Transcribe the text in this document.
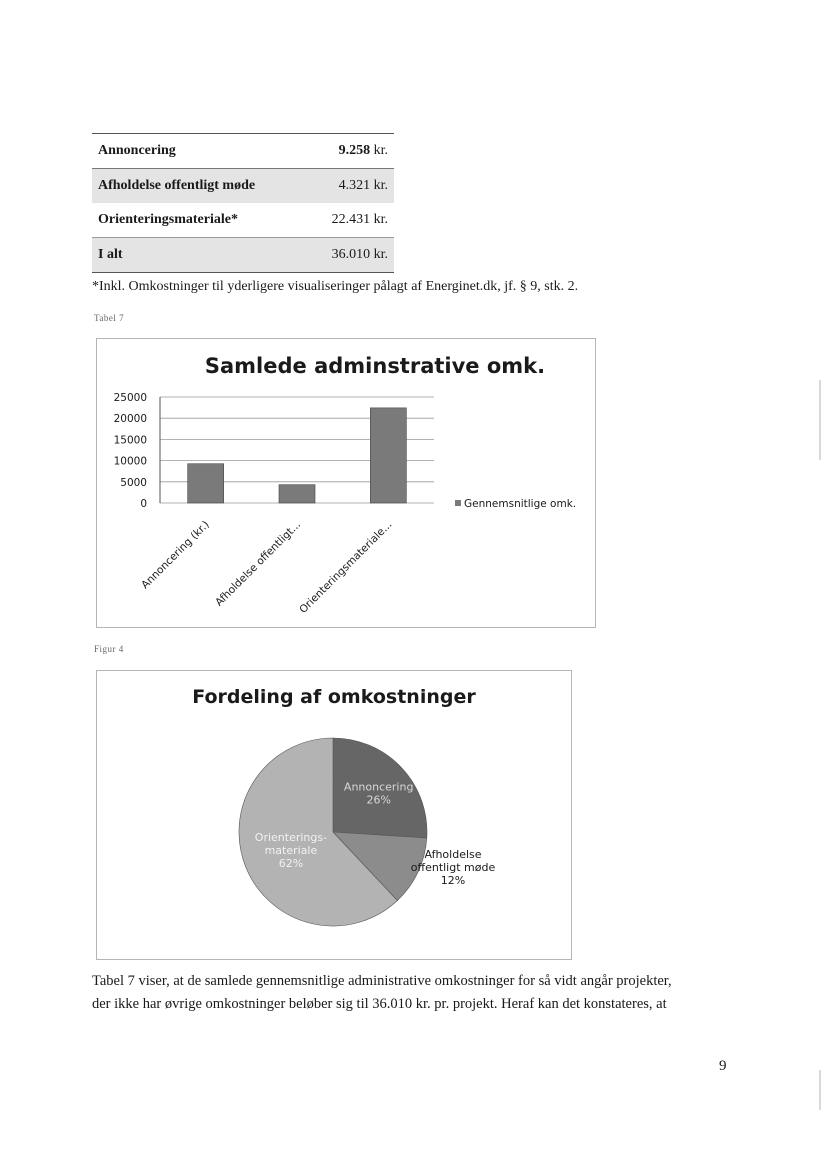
Annoncering	9.258 kr.
Afholdelse offentligt møde	4.321 kr.
Orienteringsmateriale*	22.431 kr.
I alt	36.010 kr.
*Inkl. Omkostninger til yderligere visualiseringer pålagt af Energinet.dk, jf. § 9, stk. 2.
Tabel 7
Samlede adminstrative omk.
0
5000
10000
15000
20000
25000
Annoncering (kr.) Afholdelse offentligt...
Orienteringsmateriale...
Gennemsnitlige omk.
Figur 4
Fordeling af omkostninger
Annoncering 26%
Afholdelse offentligt møde 12%
Orienterings-materiale 62%

Tabel 7 viser, at de samlede gennemsnitlige administrative omkostninger for så vidt angår projekter,

der ikke har øvrige omkostninger beløber sig til 36.010 kr. pr. projekt. Heraf kan det konstateres, at

9
